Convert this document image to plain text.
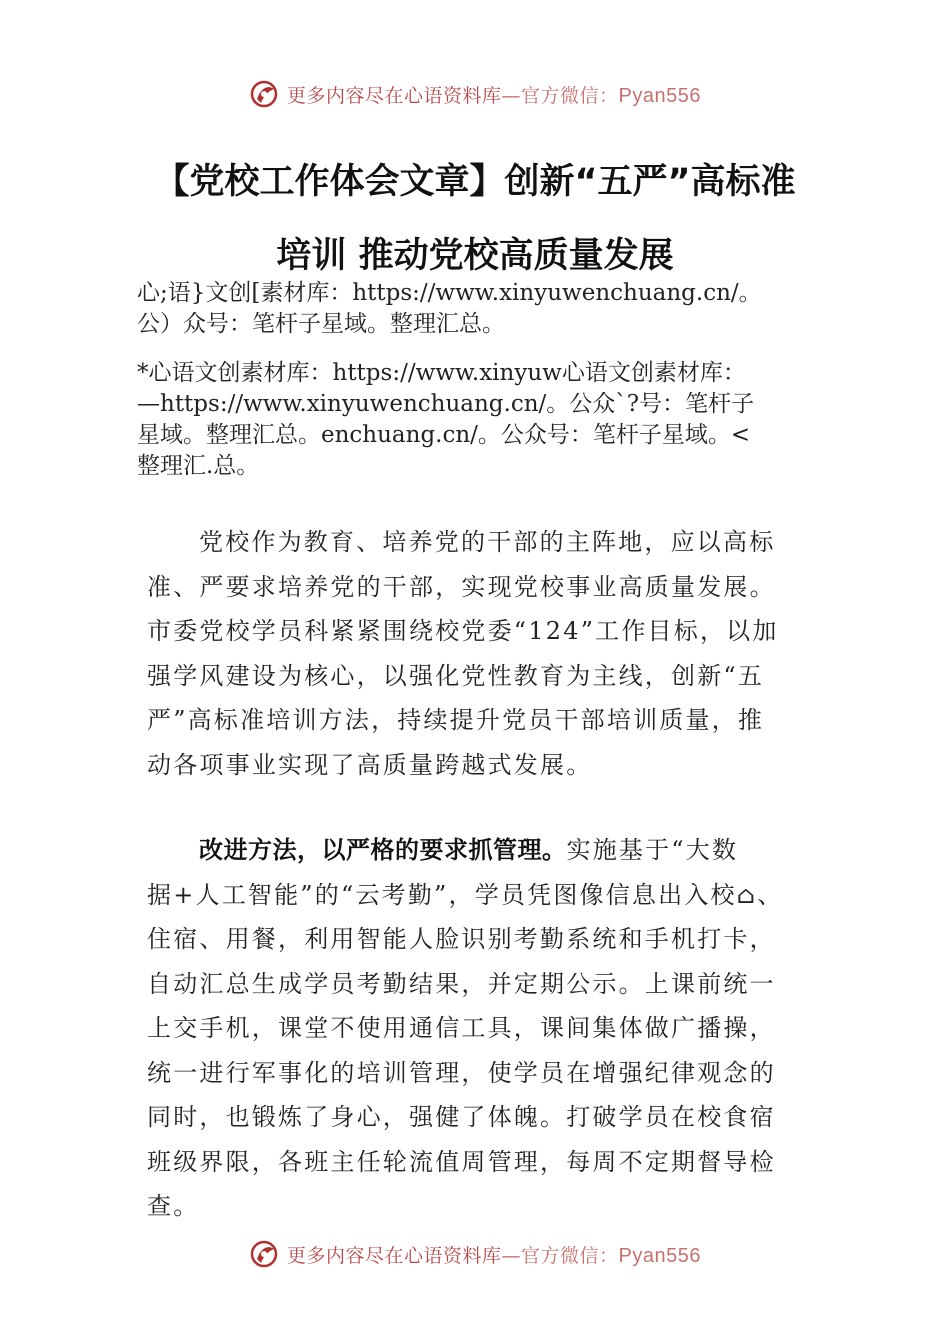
更多内容尽在心语资料库—官方微信：Pyan556
【党校工作体会文章】创新“五严”高标准
培训 推动党校高质量发展
心;语}文创[素材库：https://www.xinyuwenchuang.cn/。
公）众号：笔杆子星域。整理汇总。
*心语文创素材库：https://www.xinyuw心语文创素材库：
—https://www.xinyuwenchuang.cn/。公众`?号：笔杆子
星域。整理汇总。enchuang.cn/。公众号：笔杆子星域。<
整理汇.总。
党校作为教育、培养党的干部的主阵地，应以高标
准、严要求培养党的干部，实现党校事业高质量发展。
市委党校学员科紧紧围绕校党委“124”工作目标，以加
强学风建设为核心，以强化党性教育为主线，创新“五
严”高标准培训方法，持续提升党员干部培训质量，推
动各项事业实现了高质量跨越式发展。
改进方法，以严格的要求抓管理。实施基于“大数
据+人工智能”的“云考勤”，学员凭图像信息出入校⌂、
住宿、用餐，利用智能人脸识别考勤系统和手机打卡，
自动汇总生成学员考勤结果，并定期公示。上课前统一
上交手机，课堂不使用通信工具，课间集体做广播操，
统一进行军事化的培训管理，使学员在增强纪律观念的
同时，也锻炼了身心，强健了体魄。打破学员在校食宿
班级界限，各班主任轮流值周管理，每周不定期督导检
查。
更多内容尽在心语资料库—官方微信：Pyan556
